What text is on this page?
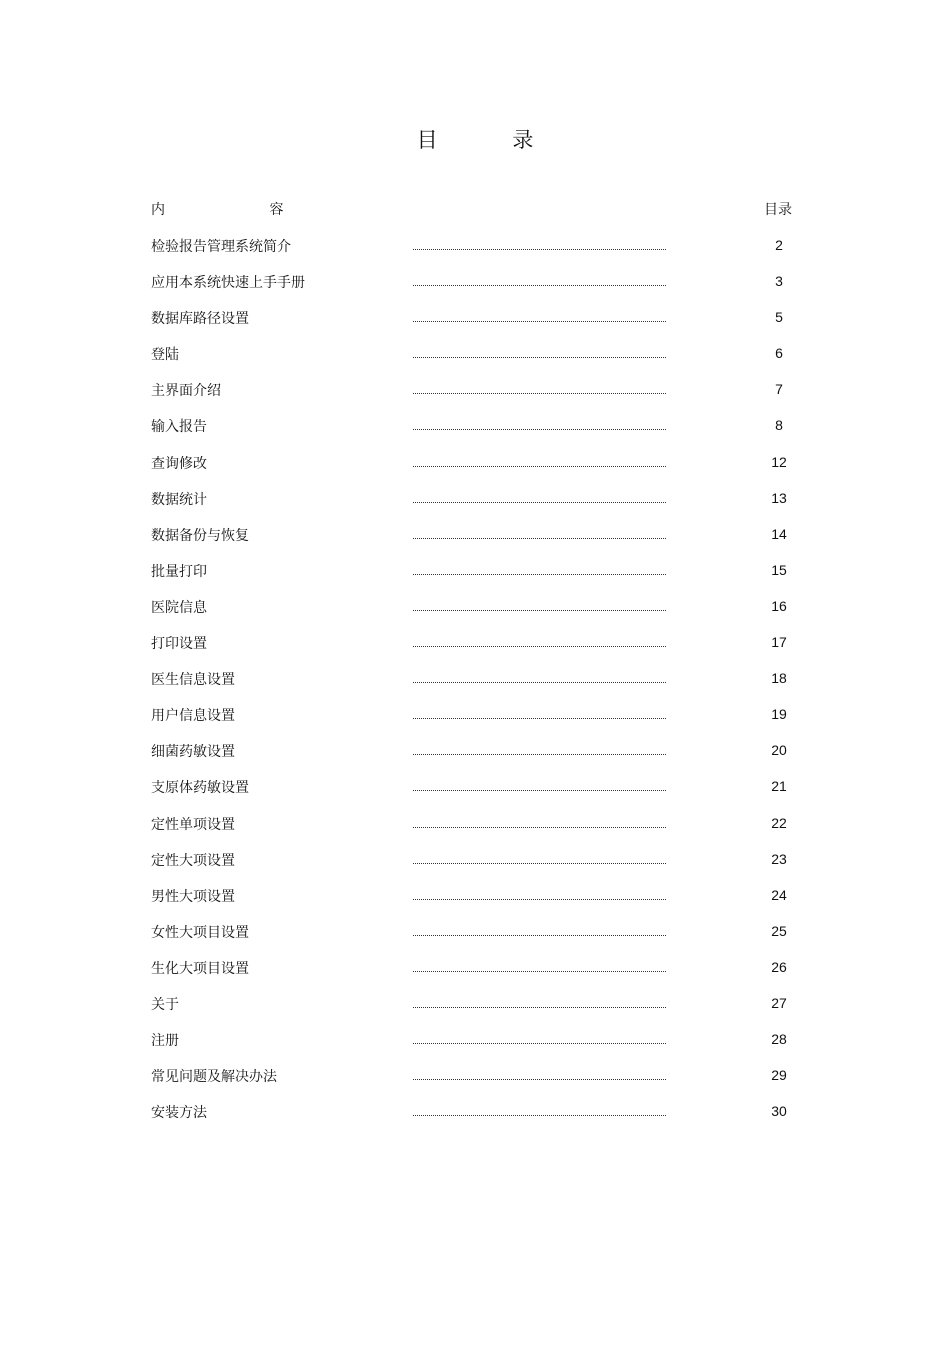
目 录
内 容	目录
检验报告管理系统简介	2
应用本系统快速上手手册	3
数据库路径设置	5
登陆	6
主界面介绍	7
输入报告	8
查询修改	12
数据统计	13
数据备份与恢复	14
批量打印	15
医院信息	16
打印设置	17
医生信息设置	18
用户信息设置	19
细菌药敏设置	20
支原体药敏设置	21
定性单项设置	22
定性大项设置	23
男性大项设置	24
女性大项目设置	25
生化大项目设置	26
关于	27
注册	28
常见问题及解决办法	29
安装方法	30
